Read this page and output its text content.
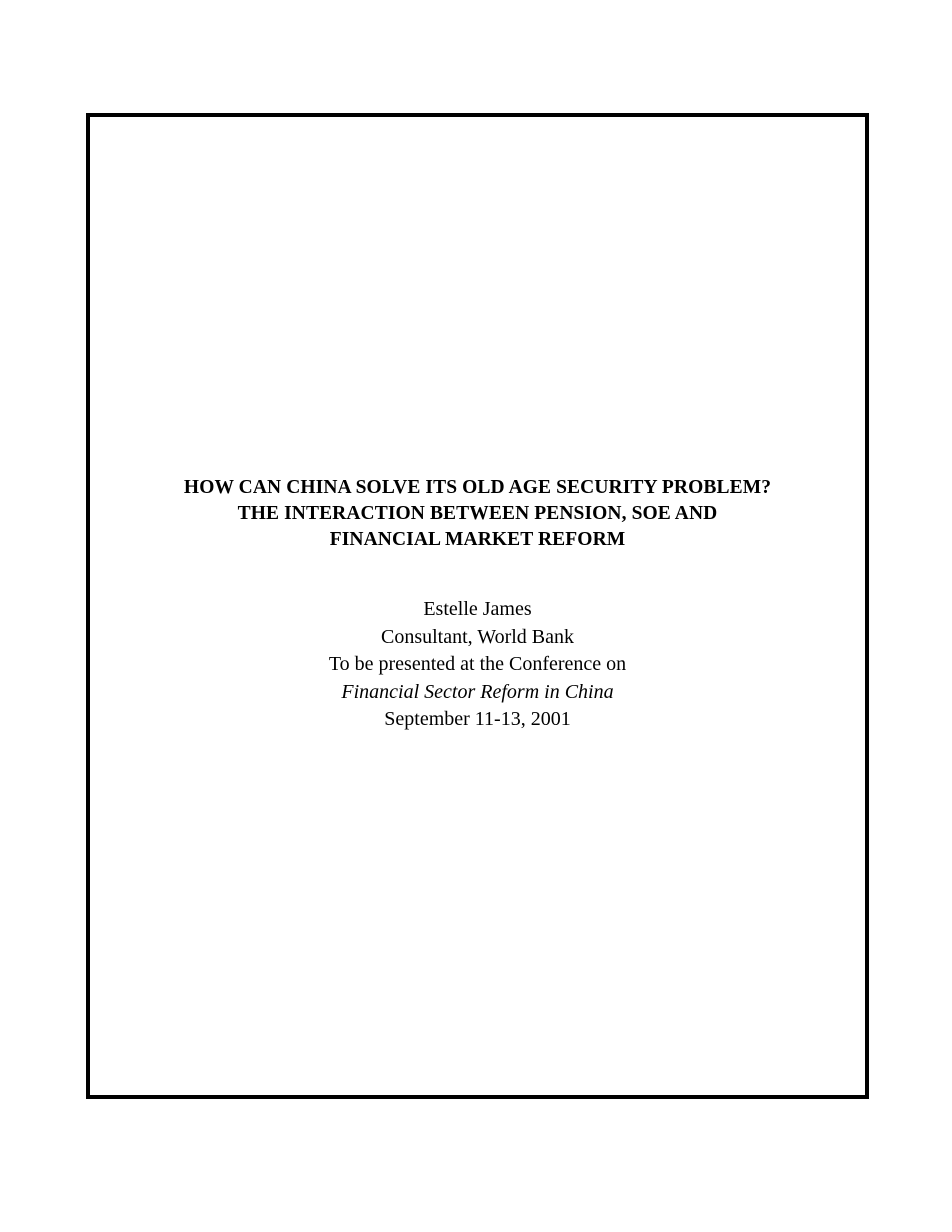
HOW CAN CHINA SOLVE ITS OLD AGE SECURITY PROBLEM?
THE INTERACTION BETWEEN PENSION, SOE AND
FINANCIAL MARKET REFORM
Estelle James
Consultant, World Bank
To be presented at the Conference on
Financial Sector Reform in China
September 11-13, 2001
